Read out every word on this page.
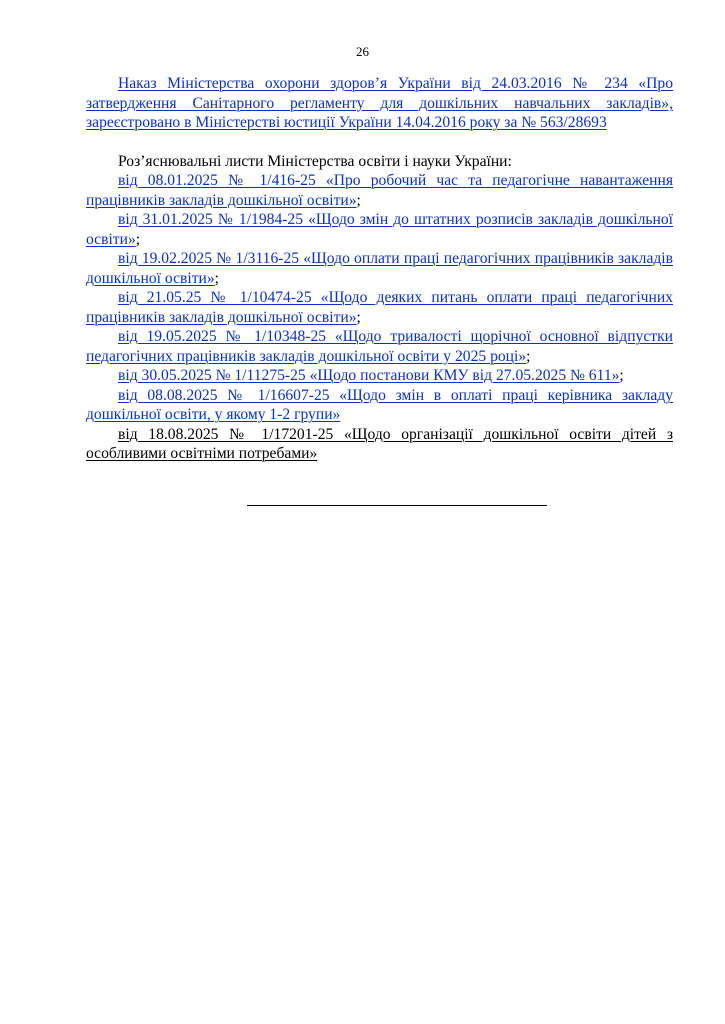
26

Наказ Міністерства охорони здоров’я України від 24.03.2016 № 234 «Про затвердження Санітарного регламенту для дошкільних навчальних закладів», зареєстровано в Міністерстві юстиції України 14.04.2016 року за № 563/28693

Роз’яснювальні листи Міністерства освіти і науки України:

від 08.01.2025 № 1/416-25 «Про робочий час та педагогічне навантаження працівників закладів дошкільної освіти»;

від 31.01.2025 № 1/1984-25 «Щодо змін до штатних розписів закладів дошкільної освіти»;

від 19.02.2025 № 1/3116-25 «Щодо оплати праці педагогічних працівників закладів дошкільної освіти»;

від 21.05.25 № 1/10474-25 «Щодо деяких питань оплати праці педагогічних працівників закладів дошкільної освіти»;

від 19.05.2025 № 1/10348-25 «Щодо тривалості щорічної основної відпустки педагогічних працівників закладів дошкільної освіти у 2025 році»;

від 30.05.2025 № 1/11275-25 «Щодо постанови КМУ від 27.05.2025 № 611»;

від 08.08.2025 № 1/16607-25 «Щодо змін в оплаті праці керівника закладу дошкільної освіти, у якому 1-2 групи»

від 18.08.2025 № 1/17201-25 «Щодо організації дошкільної освіти дітей з особливими освітніми потребами»
